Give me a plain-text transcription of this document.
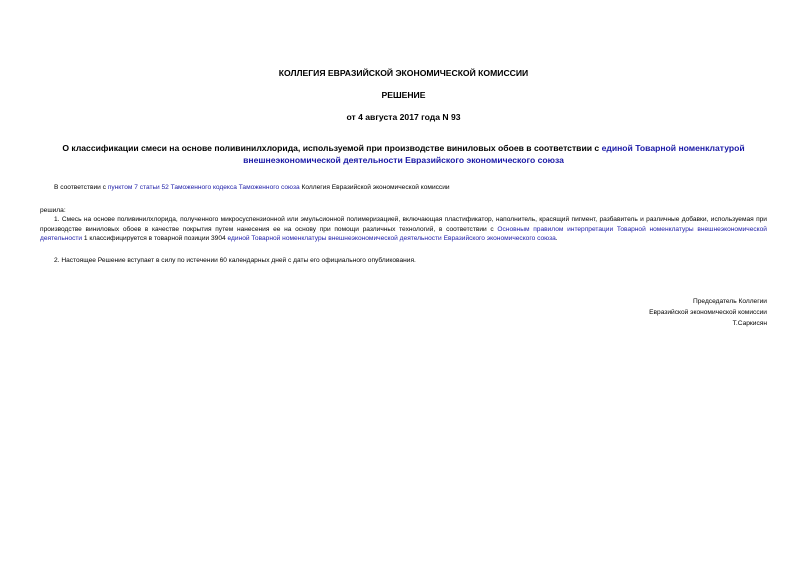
КОЛЛЕГИЯ ЕВРАЗИЙСКОЙ ЭКОНОМИЧЕСКОЙ КОМИССИИ
РЕШЕНИЕ
от 4 августа 2017 года N 93
О классификации смеси на основе поливинилхлорида, используемой при производстве виниловых обоев в соответствии с единой Товарной номенклатурой внешнеэкономической деятельности Евразийского экономического союза
В соответствии с пунктом 7 статьи 52 Таможенного кодекса Таможенного союза Коллегия Евразийской экономической комиссии
решила:
1. Смесь на основе поливинилхлорида, полученного микросуспензионной или эмульсионной полимеризацией, включающая пластификатор, наполнитель, красящий пигмент, разбавитель и различные добавки, используемая при производстве виниловых обоев в качестве покрытия путем нанесения ее на основу при помощи различных технологий, в соответствии с Основным правилом интерпретации Товарной номенклатуры внешнеэкономической деятельности 1 классифицируется в товарной позиции 3904 единой Товарной номенклатуры внешнеэкономической деятельности Евразийского экономического союза.
2. Настоящее Решение вступает в силу по истечении 60 календарных дней с даты его официального опубликования.
Председатель Коллегии
Евразийской экономической комиссии
Т.Саркисян
